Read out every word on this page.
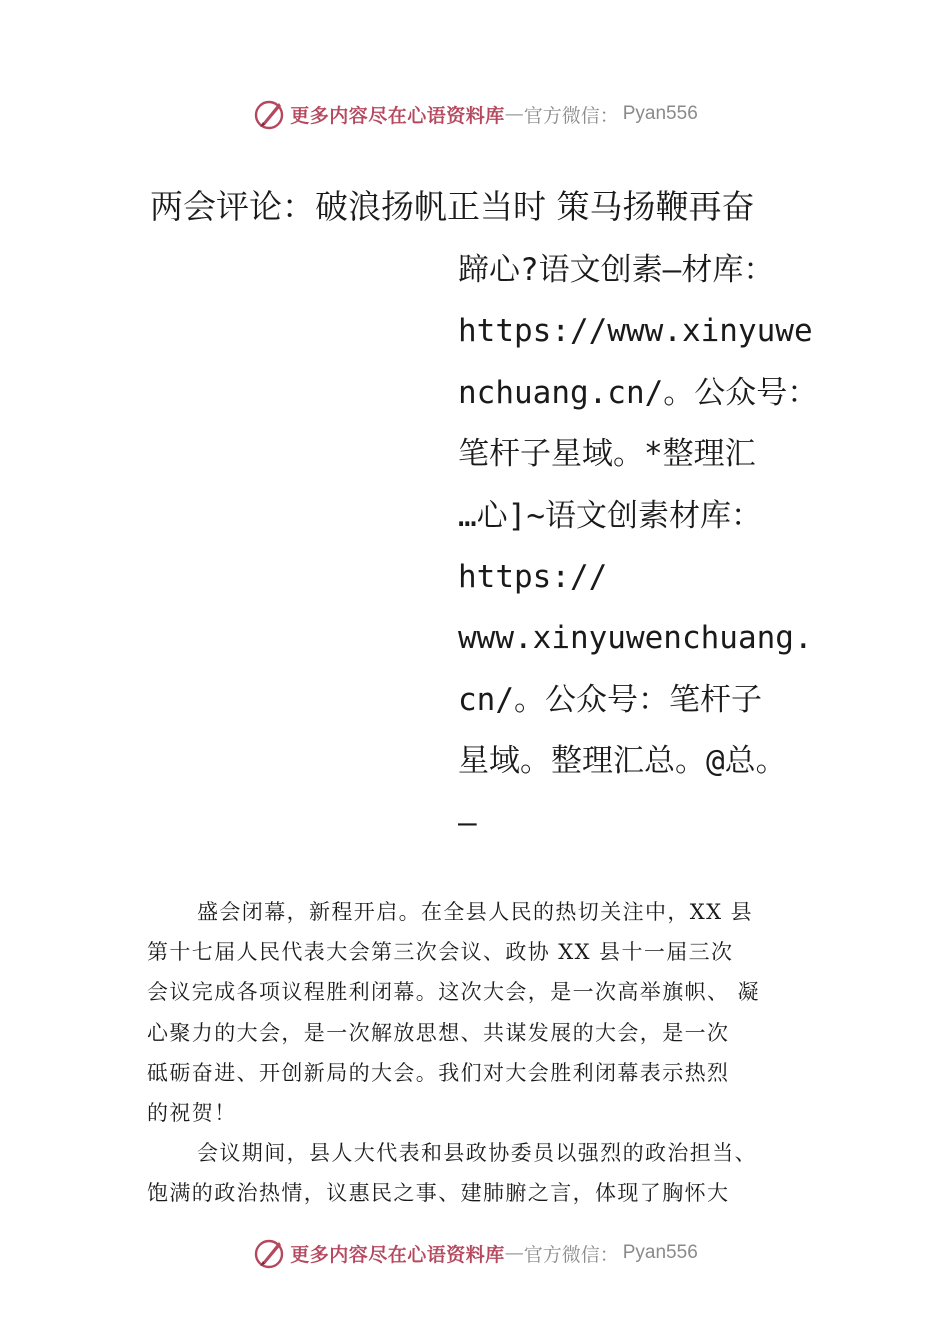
更多内容尽在心语资料库 — 官方微信： Pyan556
两会评论：破浪扬帆正当时 策马扬鞭再奋
蹄心?语文创素—材库：
https://www.xinyuwe
nchuang.cn/。公众号：
笔杆子星域。*整理汇
…心]~语文创素材库：
https://
www.xinyuwenchuang.
cn/。公众号：笔杆子
星域。整理汇总。@总。
—
盛会闭幕，新程开启。在全县人民的热切关注中，XX 县
第十七届人民代表大会第三次会议、政协 XX 县十一届三次
会议完成各项议程胜利闭幕。这次大会，是一次高举旗帜、 凝
心聚力的大会，是一次解放思想、共谋发展的大会，是一次
砥砺奋进、开创新局的大会。我们对大会胜利闭幕表示热烈
的祝贺！
会议期间，县人大代表和县政协委员以强烈的政治担当、
饱满的政治热情，议惠民之事、建肺腑之言，体现了胸怀大
更多内容尽在心语资料库 — 官方微信： Pyan556
